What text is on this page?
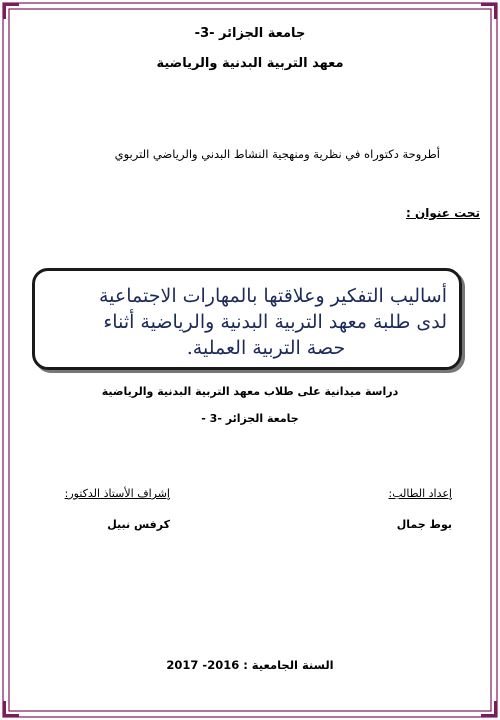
جامعة الجزائر -3-
معهد التربية البدنية والرياضية
أطروحة دكتوراه في نظرية ومنهجية النشاط البدني والرياضي التربوي
تحت عنوان :
أساليب التفكير وعلاقتها بالمهارات الاجتماعية
لدى طلبة معهد التربية البدنية والرياضية أثناء
حصة التربية العملية.
دراسة ميدانية على طلاب معهد التربية البدنية والرياضية
جامعة الجزائر -3 -
إعداد الطالب:
إشراف الأستاذ الدكتور:
بوط جمال
كرفس نبيل
السنة الجامعية : 2016- 2017
